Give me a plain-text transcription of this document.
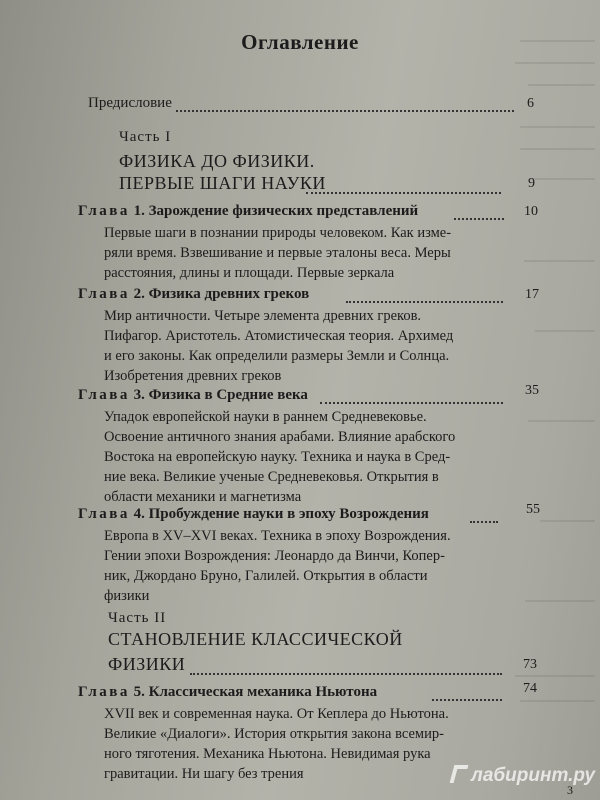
Оглавление
Предисловие	6
Часть I
ФИЗИКА ДО ФИЗИКИ.
ПЕРВЫЕ ШАГИ НАУКИ	9
Глава 1. Зарождение физических представлений	10
Первые шаги в познании природы человеком. Как изме-
ряли время. Взвешивание и первые эталоны веса. Меры
расстояния, длины и площади. Первые зеркала
Глава 2. Физика древних греков	17
Мир античности. Четыре элемента древних греков.
Пифагор. Аристотель. Атомистическая теория. Архимед
и его законы. Как определили размеры Земли и Солнца.
Изобретения древних греков
Глава 3. Физика в Средние века	35
Упадок европейской науки в раннем Средневековье.
Освоение античного знания арабами. Влияние арабского
Востока на европейскую науку. Техника и наука в Сред-
ние века. Великие ученые Средневековья. Открытия в
области механики и магнетизма
Глава 4. Пробуждение науки в эпоху Возрождения	55
Европа в XV–XVI веках. Техника в эпоху Возрождения.
Гении эпохи Возрождения: Леонардо да Винчи, Копер-
ник, Джордано Бруно, Галилей. Открытия в области
физики
Часть II
СТАНОВЛЕНИЕ КЛАССИЧЕСКОЙ
ФИЗИКИ	73
Глава 5. Классическая механика Ньютона	74
XVII век и современная наука. От Кеплера до Ньютона.
Великие «Диалоги». История открытия закона всемир-
ного тяготения. Механика Ньютона. Невидимая рука
гравитации. Ни шагу без трения	лабиринт.ру
3
